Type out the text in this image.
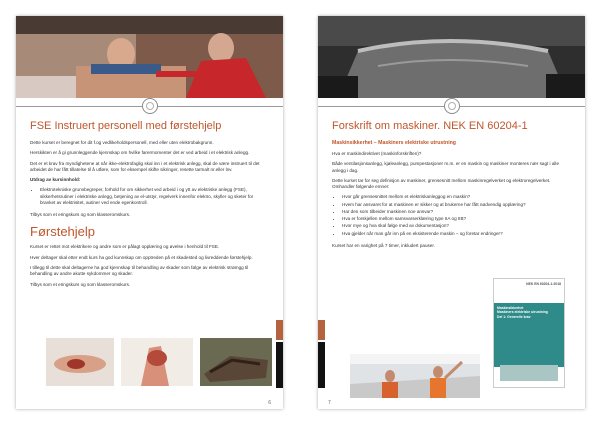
FSE Instruert personell med førstehjelp

Dette kurset er beregnet for dit f.og vedlikeholdspersonell, med eller uten elektrobakgrunn.

Herskikten er å gi grunnleggende kjennskap om hvilke farermomenter det er ved arbeid i et elektrisk anlegg.

Det er et krav fra myndighetene at når ikke-elektrofaglig skal inn i et elektrisk anlegg, skal de være instruert til det arbeidet de har fått tillatelse til å utføre, som for eksempel skifte sikringer, resette tarmalt nr.eller lnv.

Utdrag av kursinnhold:

• Elektrotekniske grunnbegreper, forhold for om sikkerhet ved arbeid i og ytt av elektriske anlegg (FSE), sikkerhetsrutiner i elektriske anlegg, betjening av el-utstyr, regelverk innenfor elektro, skyller og sketer for branket av elektrisitet, autiner ved ende egenkontroll.

Tilbys som et eringskurs og som klasseromskurs.

Førstehjelp

Kurset er rettet mot elektrikere og andre som er pålagt opplæring og øvelse i henhold til FSE.

Hver deltager skal etter endt kurs ha god kunnskap om opptreden på et skadested og livreddende førstehjelp.

I tillegg til dette skal deltagerne ha god kjennskap til behandling av skader som følge av elektrisk strømgg til behandling av andre akutte sykdommer og skader.

Tilbys som et eringskurs og som klasseromskurs.

6
Forskrift om maskiner. NEK EN 60204-1
Maskinsikkerhet – Maskiners elektriske utrustning

Hva er maskindirektivet (maskinforskriften)?

Både ventilasjonsanlegg, kjøleanlegg, pumpestasjoner m.m. er en maskin og maskiner monteres nær sagt i alle anlegg i dag.

Dette kurset tar for seg definisjon av maskiner, grensesnitt mellom maskinregelverket og elektroregelverket. Omhandler følgende emner:

• Hvor går grensesnittet mellom et elektriskanleggog en maskin?
• Hvem har ansvaret for at maskinen er sikker og at brukerne har fått nødvendig opplæring?
• Har den som tilbeider maskinen noe ansvar?
• Hva er forskjellen mellom samsvarserklæring type IIA og IIB?
• Hvor mye og hva skal følge med av dokumentasjon?
• Hva gjelder når man går inn på en eksisterende maskin – og foretar endringer?

Kurset har en varighet på 7 timer, inkludert pauser.

NEK EN 60204-1:2018
Maskinsikkerhet
Maskiners elektriske utrustning
Del 1: Generelle krav
7
